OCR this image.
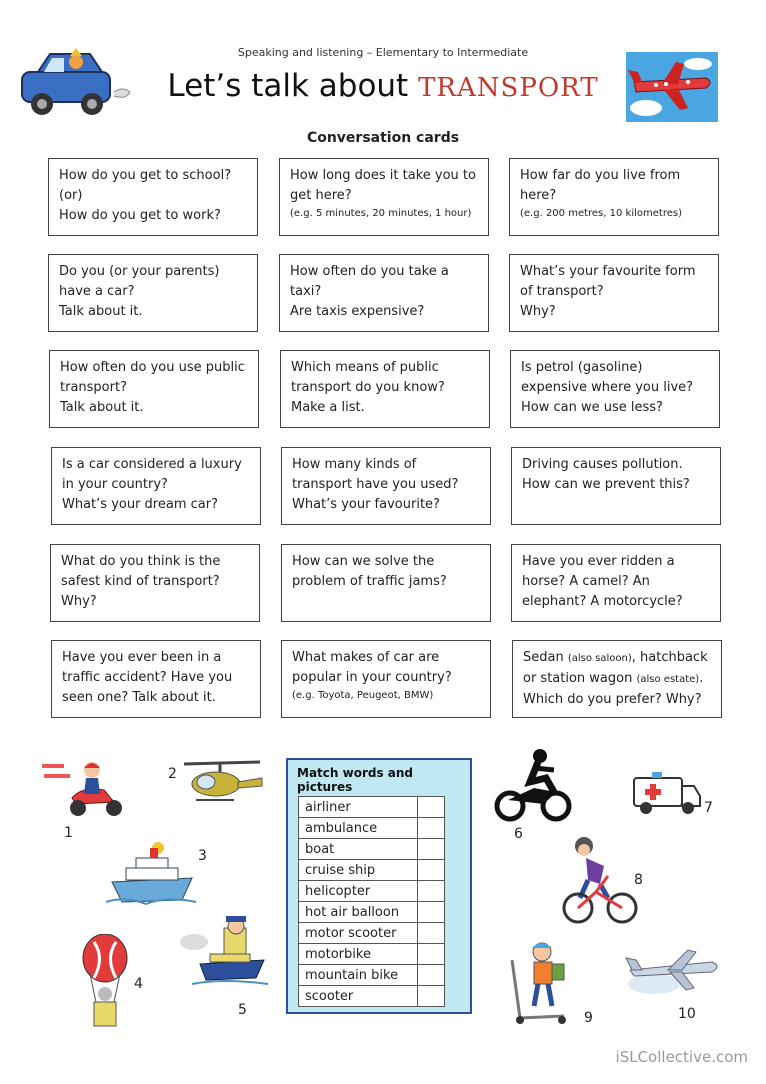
Speaking and listening – Elementary to Intermediate
Let’s talk about TRANSPORT
Conversation cards
How do you get to school?
(or)
How do you get to work?
How long does it take you to
get here?
(e.g. 5 minutes, 20 minutes, 1 hour)
How far do you live from
here?
(e.g. 200 metres, 10 kilometres)
Do you (or your parents)
have a car?
Talk about it.
How often do you take a
taxi?
Are taxis expensive?
What’s your favourite form
of transport?
Why?
How often do you use public
transport?
Talk about it.
Which means of public
transport do you know?
Make a list.
Is petrol (gasoline)
expensive where you live?
How can we use less?
Is a car considered a luxury
in your country?
What’s your dream car?
How many kinds of
transport have you used?
What’s your favourite?
Driving causes pollution.
How can we prevent this?
What do you think is the
safest kind of transport?
Why?
How can we solve the
problem of traffic jams?
Have you ever ridden a
horse? A camel? An
elephant? A motorcycle?
Have you ever been in a
traffic accident? Have you
seen one? Talk about it.
What makes of car are
popular in your country?
(e.g. Toyota, Peugeot, BMW)
Sedan (also saloon), hatchback
or station wagon (also estate).
Which do you prefer? Why?
Match words and pictures
airliner	
ambulance	
boat	
cruise ship	
helicopter	
hot air balloon	
motor scooter	
motorbike	
mountain bike	
scooter	
1
2
3
4
5
6
7
8
9	10
iSLCollective.com
